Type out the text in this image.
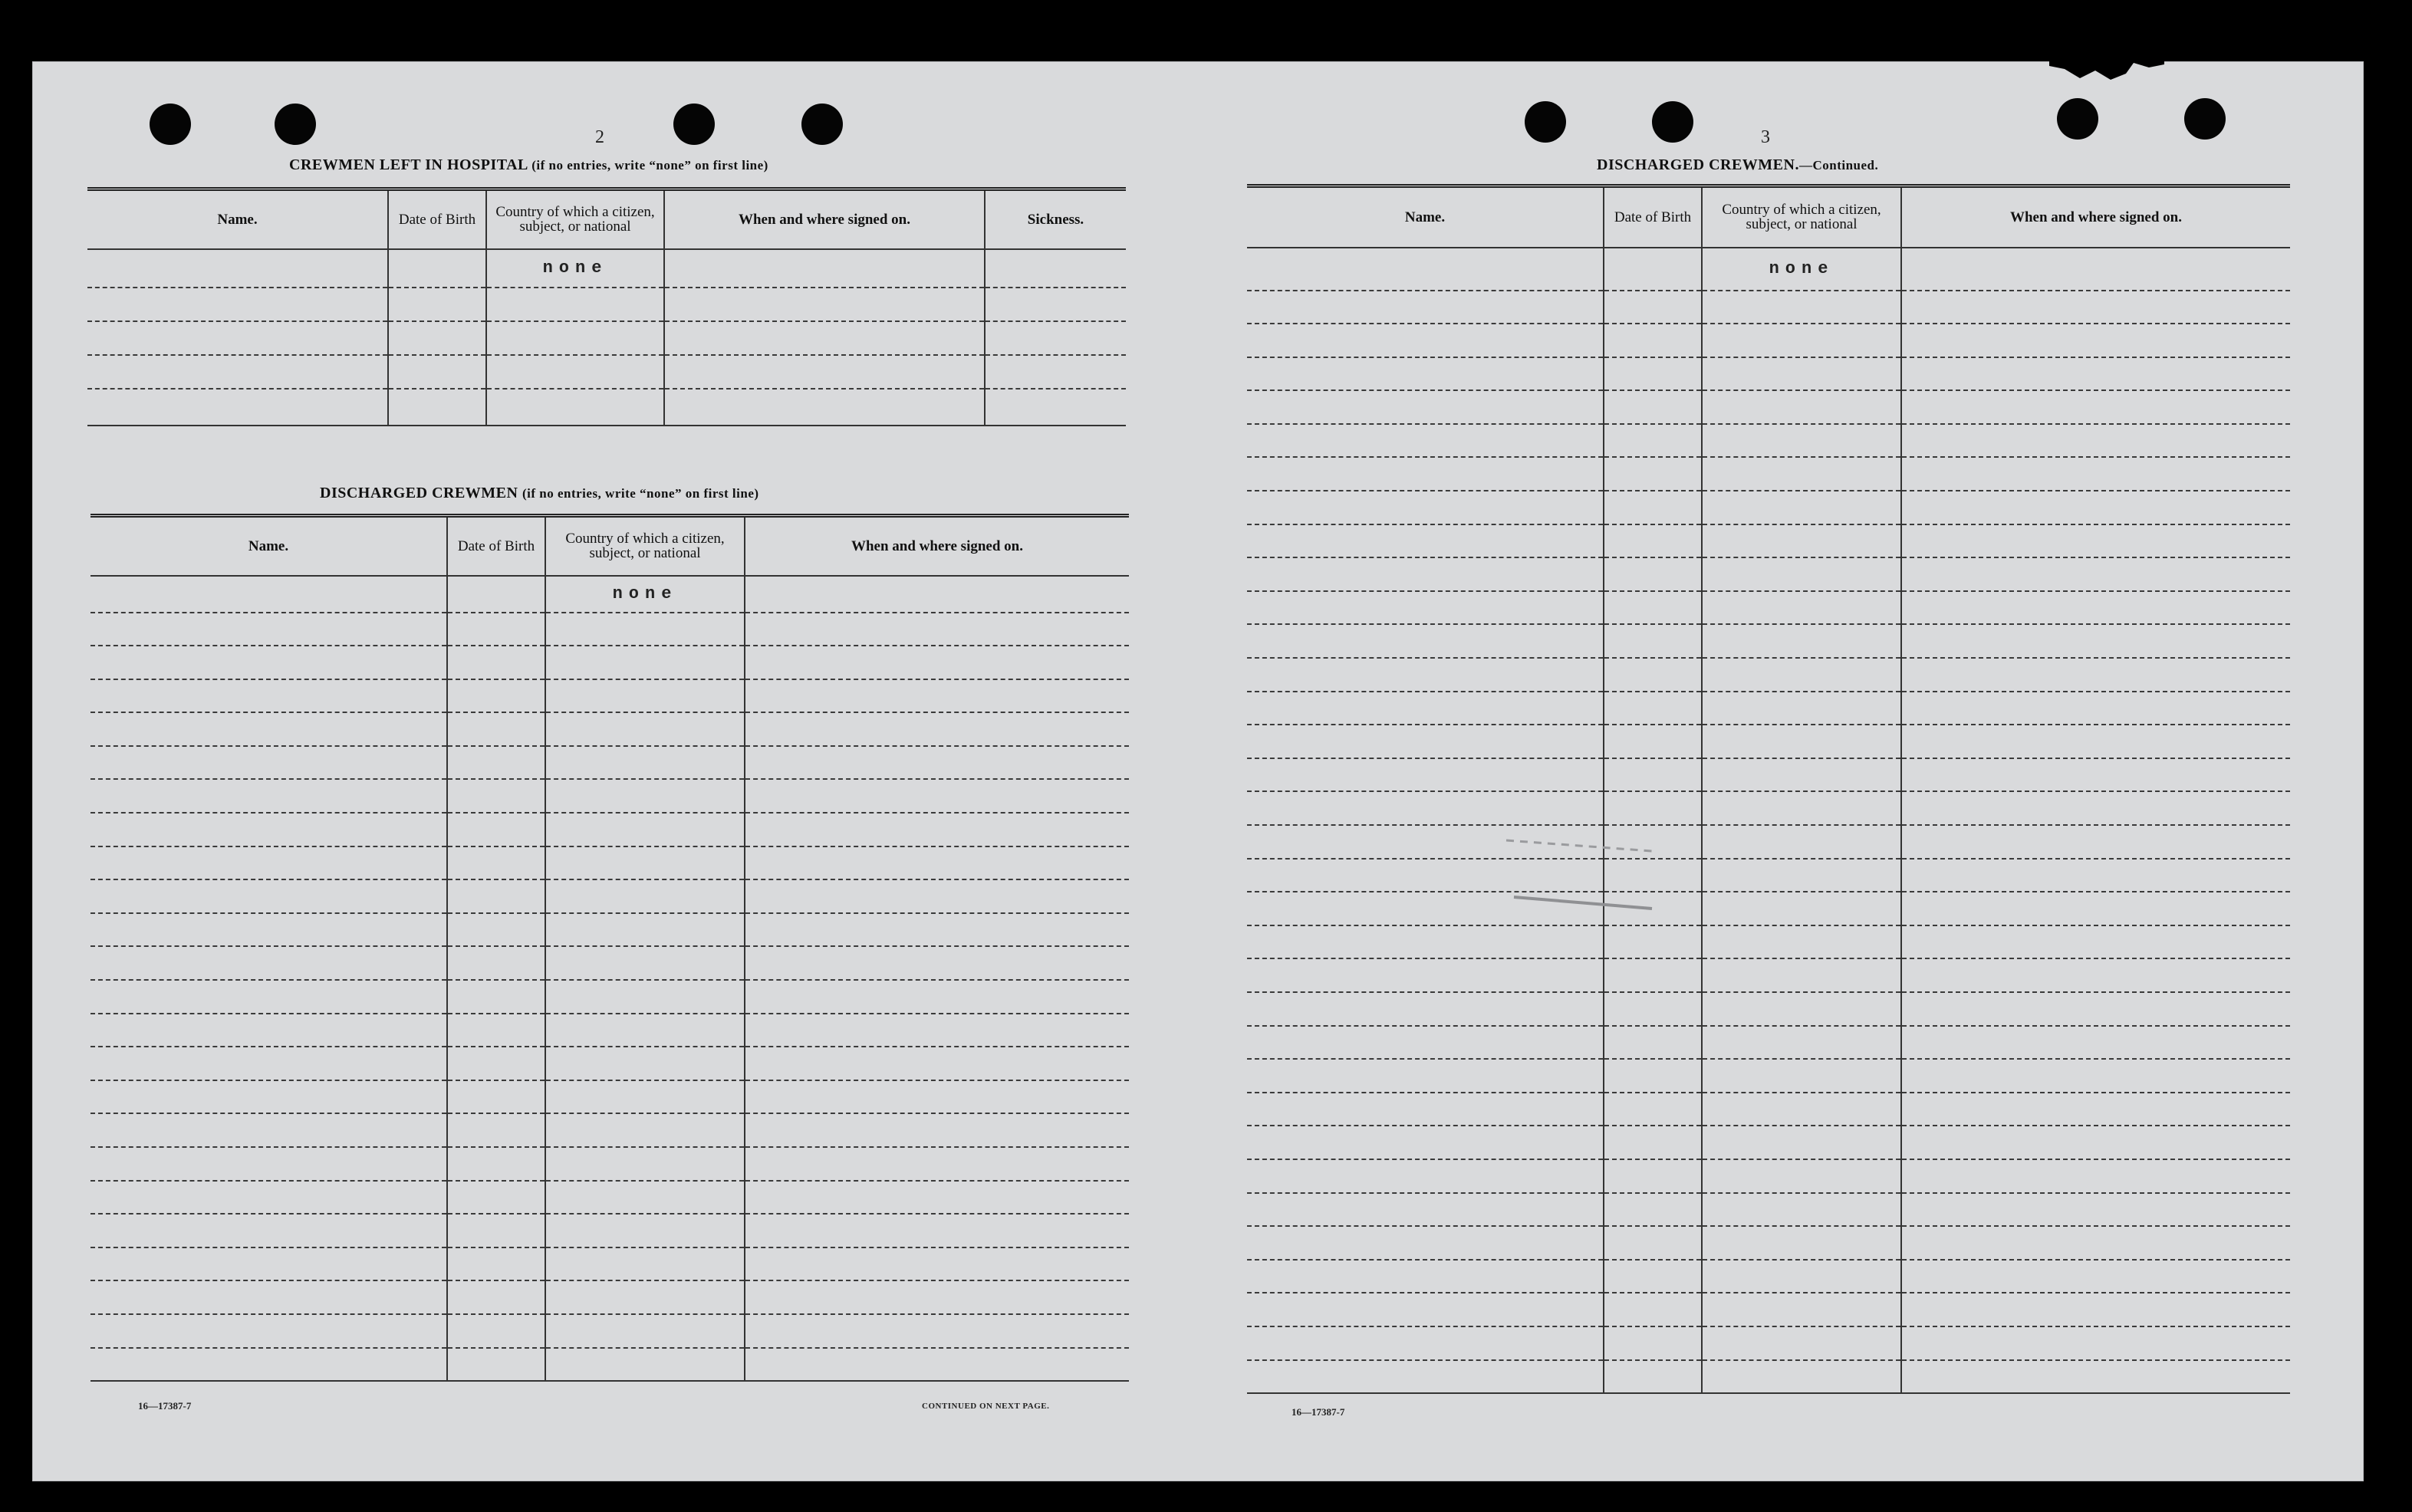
2
CREWMEN LEFT IN HOSPITAL (if no entries, write “none” on first line)
Name.	Date of Birth	Country of which a citizen, subject, or national	When and where signed on.	Sickness.
		none		

DISCHARGED CREWMEN (if no entries, write “none” on first line)
Name.	Date of Birth	Country of which a citizen, subject, or national	When and where signed on.
		none	

16—17387-7	CONTINUED ON NEXT PAGE.
3
DISCHARGED CREWMEN.—Continued.
Name.	Date of Birth	Country of which a citizen, subject, or national	When and where signed on.
		none	

16—17387-7
